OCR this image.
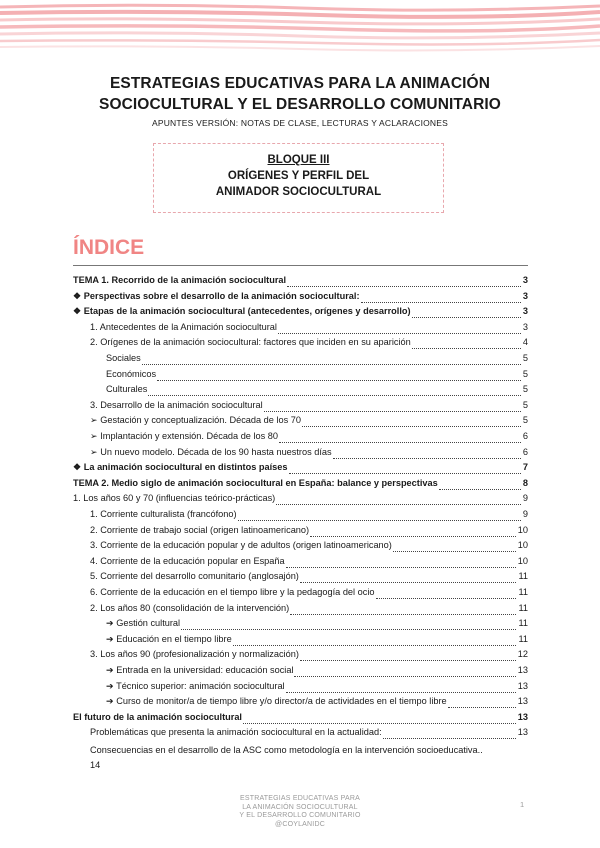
ESTRATEGIAS EDUCATIVAS PARA LA ANIMACIÓN
SOCIOCULTURAL Y EL DESARROLLO COMUNITARIO
APUNTES VERSIÓN: NOTAS DE CLASE, LECTURAS Y ACLARACIONES
BLOQUE III
ORÍGENES Y PERFIL DEL
ANIMADOR SOCIOCULTURAL
ÍNDICE
TEMA 1. Recorrido de la animación sociocultural	3
❖ Perspectivas sobre el desarrollo de la animación sociocultural:	3
❖ Etapas de la animación sociocultural (antecedentes, orígenes y desarrollo)	3
1. Antecedentes de la Animación sociocultural	3
2. Orígenes de la animación sociocultural: factores que inciden en su aparición	4
Sociales	5
Económicos	5
Culturales	5
3. Desarrollo de la animación sociocultural	5
➢ Gestación y conceptualización. Década de los 70	5
➢ Implantación y extensión. Década de los 80	6
➢ Un nuevo modelo. Década de los 90 hasta nuestros días	6
❖ La animación sociocultural en distintos países	7
TEMA 2. Medio siglo de animación sociocultural en España: balance y perspectivas	8
1. Los años 60 y 70 (influencias teórico-prácticas)	9
1. Corriente culturalista (francófono)	9
2. Corriente de trabajo social (origen latinoamericano)	10
3. Corriente de la educación popular y de adultos (origen latinoamericano)	10
4. Corriente de la educación popular en España	10
5. Corriente del desarrollo comunitario (anglosajón)	11
6. Corriente de la educación en el tiempo libre y la pedagogía del ocio	11
2. Los años 80 (consolidación de la intervención)	11
➔ Gestión cultural	11
➔ Educación en el tiempo libre	11
3. Los años 90 (profesionalización y normalización)	12
➔ Entrada en la universidad: educación social	13
➔ Técnico superior: animación sociocultural	13
➔ Curso de monitor/a de tiempo libre y/o director/a de actividades en el tiempo libre	13
El futuro de la animación sociocultural	13
Problemáticas que presenta la animación sociocultural en la actualidad:	13
Consecuencias en el desarrollo de la ASC como metodología en la intervención socioeducativa..
14
ESTRATEGIAS EDUCATIVAS PARA
LA ANIMACIÓN SOCIOCULTURAL
Y EL DESARROLLO COMUNITARIO
@COYLANIDC
1
